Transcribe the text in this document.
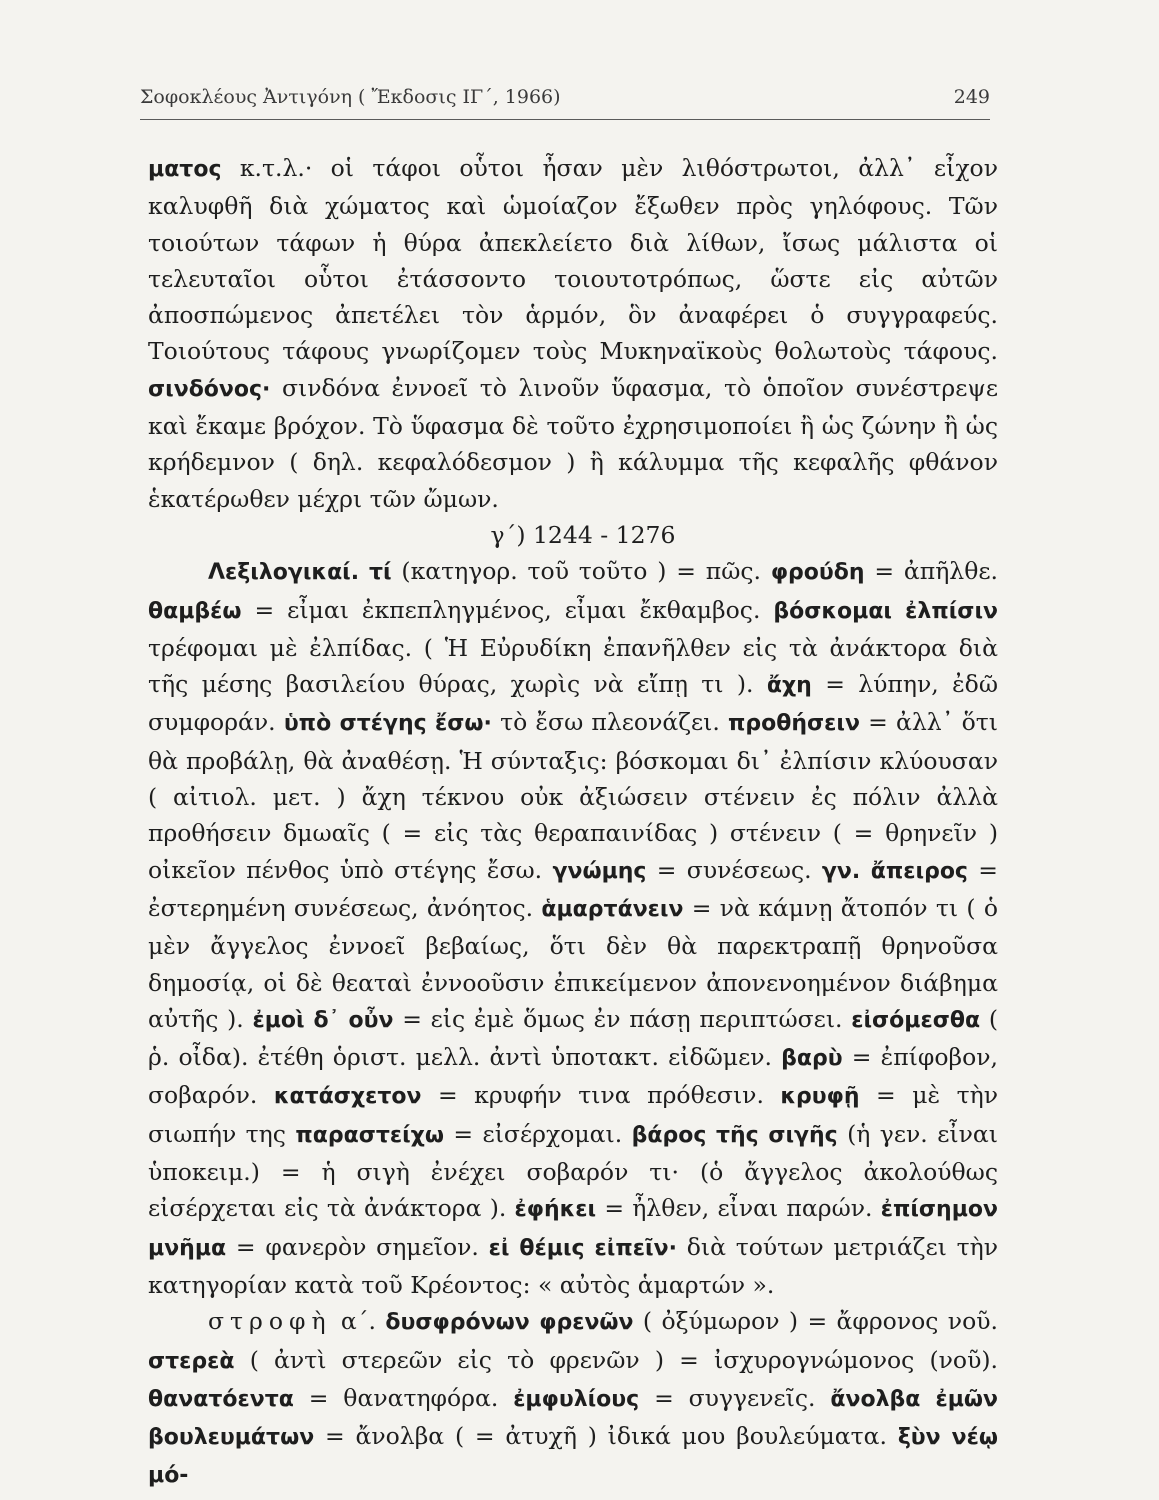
Σοφοκλέους Ἀντιγόνη ( Ἔκδοσις ΙΓ΄, 1966)	249

ματος κ.τ.λ.· οἱ τάφοι οὗτοι ἦσαν μὲν λιθόστρωτοι, ἀλλ᾽ εἶχον καλυφθῆ διὰ χώματος καὶ ὡμοίαζον ἔξωθεν πρὸς γηλόφους. Τῶν τοιούτων τάφων ἡ θύρα ἀπεκλείετο διὰ λίθων, ἴσως μάλιστα οἱ τελευταῖοι οὗτοι ἐτάσσοντο τοιουτοτρόπως, ὥστε εἰς αὐτῶν ἀποσπώμενος ἀπετέλει τὸν ἁρμόν, ὃν ἀναφέρει ὁ συγγραφεύς. Τοιούτους τάφους γνωρίζομεν τοὺς Μυκηναϊκοὺς θολωτοὺς τάφους. σινδόνος· σινδόνα ἐννοεῖ τὸ λινοῦν ὕφασμα, τὸ ὁποῖον συνέστρεψε καὶ ἔκαμε βρόχον. Τὸ ὕφασμα δὲ τοῦτο ἐχρησιμοποίει ἢ ὡς ζώνην ἢ ὡς κρήδεμνον ( δηλ. κεφαλόδεσμον ) ἢ κάλυμμα τῆς κεφαλῆς φθάνον ἑκατέρωθεν μέχρι τῶν ὤμων.

γ΄) 1244 - 1276

Λεξιλογικαί. τί (κατηγορ. τοῦ τοῦτο ) = πῶς. φρούδη = ἀπῆλθε. θαμβέω = εἶμαι ἐκπεπληγμένος, εἶμαι ἔκθαμβος. βόσκομαι ἐλπίσιν τρέφομαι μὲ ἐλπίδας. ( Ἡ Εὐρυδίκη ἐπανῆλθεν εἰς τὰ ἀνάκτορα διὰ τῆς μέσης βασιλείου θύρας, χωρὶς νὰ εἴπῃ τι ). ἄχη = λύπην, ἐδῶ συμφοράν. ὑπὸ στέγης ἔσω· τὸ ἔσω πλεονάζει. προθήσειν = ἀλλ᾽ ὅτι θὰ προβάλῃ, θὰ ἀναθέσῃ. Ἡ σύνταξις: βόσκομαι δι᾽ ἐλπίσιν κλύουσαν ( αἰτιολ. μετ. ) ἄχη τέκνου οὐκ ἀξιώσειν στένειν ἐς πόλιν ἀλλὰ προθήσειν δμωαῖς ( = εἰς τὰς θεραπαινίδας ) στένειν ( = θρηνεῖν ) οἰκεῖον πένθος ὑπὸ στέγης ἔσω. γνώμης = συνέσεως. γν. ἄπειρος = ἐστερημένη συνέσεως, ἀνόητος. ἁμαρτάνειν = νὰ κάμνῃ ἄτοπόν τι ( ὁ μὲν ἄγγελος ἐννοεῖ βεβαίως, ὅτι δὲν θὰ παρεκτραπῇ θρηνοῦσα δημοσίᾳ, οἱ δὲ θεαταὶ ἐννοοῦσιν ἐπικείμενον ἀπονενοημένον διάβημα αὐτῆς ). ἐμοὶ δ᾽ οὖν = εἰς ἐμὲ ὅμως ἐν πάσῃ περιπτώσει. εἰσόμεσθα ( ῥ. οἶδα). ἐτέθη ὁριστ. μελλ. ἀντὶ ὑποτακτ. εἰδῶμεν. βαρὺ = ἐπίφοβον, σοβαρόν. κατάσχετον = κρυφήν τινα πρόθεσιν. κρυφῇ = μὲ τὴν σιωπήν της παραστείχω = εἰσέρχομαι. βάρος τῆς σιγῆς (ἡ γεν. εἶναι ὑποκειμ.) = ἡ σιγὴ ἐνέχει σοβαρόν τι· (ὁ ἄγγελος ἀκολούθως εἰσέρχεται εἰς τὰ ἀνάκτορα ). ἐφήκει = ἦλθεν, εἶναι παρών. ἐπίσημον μνῆμα = φανερὸν σημεῖον. εἰ θέμις εἰπεῖν· διὰ τούτων μετριάζει τὴν κατηγορίαν κατὰ τοῦ Κρέοντος: « αὐτὸς ἁμαρτών ».

στροφὴ α΄. δυσφρόνων φρενῶν ( ὀξύμωρον ) = ἄφρονος νοῦ. στερεὰ ( ἀντὶ στερεῶν εἰς τὸ φρενῶν ) = ἰσχυρογνώμονος (νοῦ). θανατόεντα = θανατηφόρα. ἐμφυλίους = συγγενεῖς. ἄνολβα ἐμῶν βουλευμάτων = ἄνολβα ( = ἀτυχῆ ) ἰδικά μου βουλεύματα. ξὺν νέῳ μό-
